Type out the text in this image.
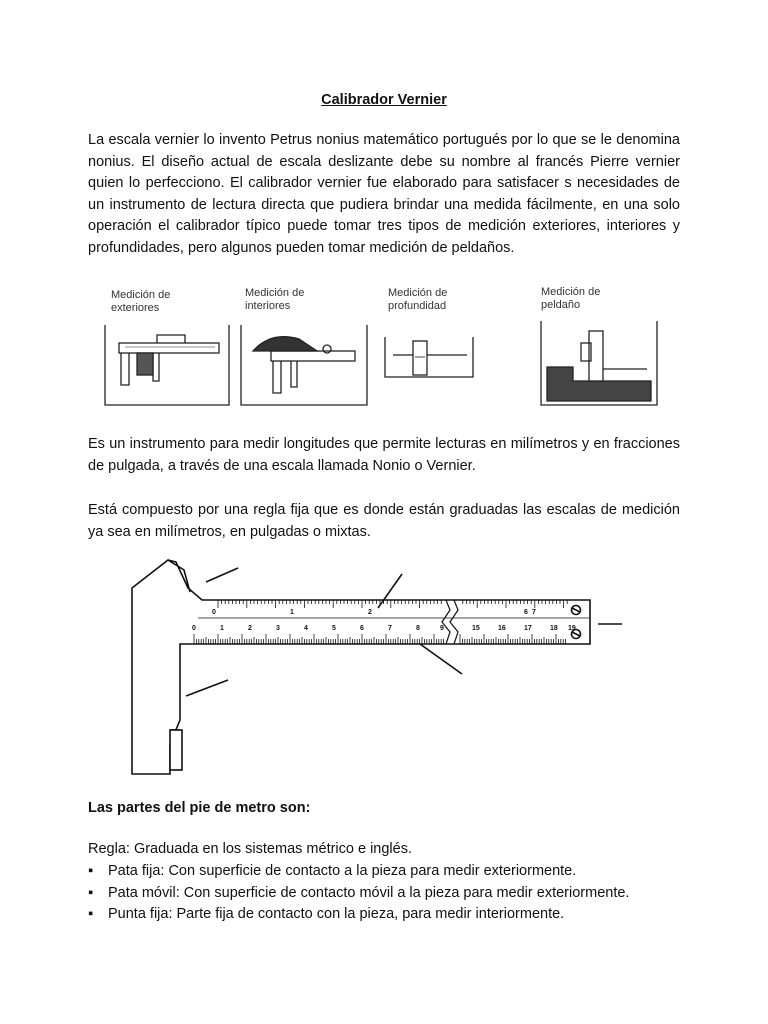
Calibrador Vernier

La escala vernier lo invento Petrus nonius matemático portugués por lo que se le denomina nonius. El diseño actual de escala deslizante debe su nombre al francés Pierre vernier quien lo perfecciono. El calibrador vernier fue elaborado para satisfacer s necesidades de un instrumento de lectura directa que pudiera brindar una medida fácilmente, en una solo operación el calibrador típico puede tomar tres tipos de medición exteriores, interiores y profundidades, pero algunos pueden tomar medición de peldaños.

Medición de
exteriores
Medición de
interiores
Medición de
profundidad
Medición de
peldaño

Es un instrumento para medir longitudes que permite lecturas en milímetros y en fracciones de pulgada, a través de una escala llamada Nonio o Vernier.

Está compuesto por una regla fija que es donde están graduadas las escalas de medición ya sea en milímetros, en pulgadas o mixtas.

0	1	2	3	4	5	6	7	8	9	15	16	17	18 19
0	1	2	6 7
Las partes del pie de metro son:
Regla: Graduada en los sistemas métrico e inglés.
▪ Pata fija: Con superficie de contacto a la pieza para medir exteriormente.
▪ Pata móvil: Con superficie de contacto móvil a la pieza para medir exteriormente.
▪ Punta fija: Parte fija de contacto con la pieza, para medir interiormente.
